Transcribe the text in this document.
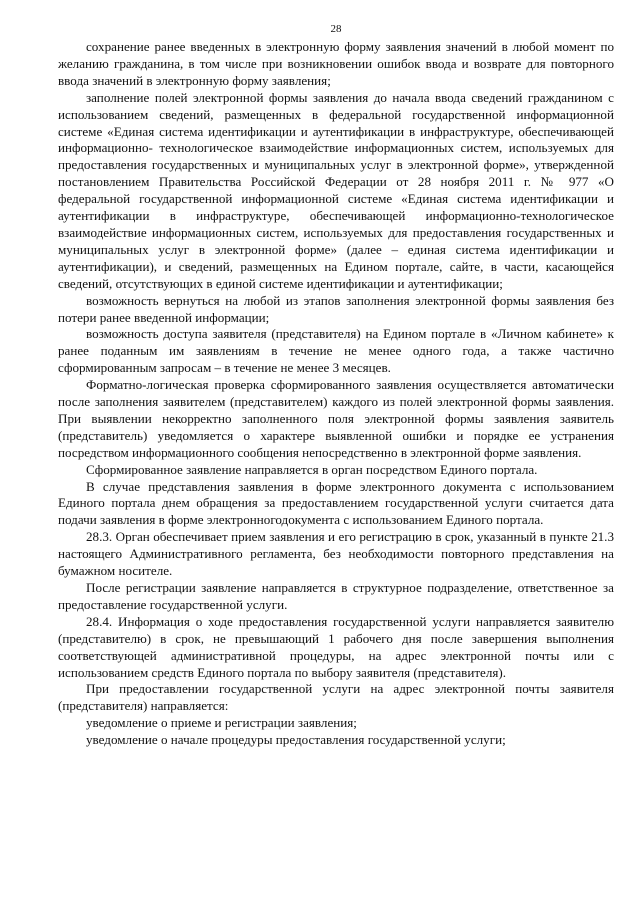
28

сохранение ранее введенных в электронную форму заявления значений в любой момент по желанию гражданина, в том числе при возникновении ошибок ввода и возврате для повторного ввода значений в электронную форму заявления;

заполнение полей электронной формы заявления до начала ввода сведений гражданином с использованием сведений, размещенных в федеральной государственной информационной системе «Единая система идентификации и аутентификации в инфраструктуре, обеспечивающей информационно- технологическое взаимодействие информационных систем, используемых для предоставления государственных и муниципальных услуг в электронной форме», утвержденной постановлением Правительства Российской Федерации от 28 ноября 2011 г. № 977 «О федеральной государственной информационной системе «Единая система идентификации и аутентификации в инфраструктуре, обеспечивающей информационно-технологическое взаимодействие информационных систем, используемых для предоставления государственных и муниципальных услуг в электронной форме» (далее – единая система идентификации и аутентификации), и сведений, размещенных на Едином портале, сайте, в части, касающейся сведений, отсутствующих в единой системе идентификации и аутентификации;

возможность вернуться на любой из этапов заполнения электронной формы заявления без потери ранее введенной информации;

возможность доступа заявителя (представителя) на Едином портале в «Личном кабинете» к ранее поданным им заявлениям в течение не менее одного года, а также частично сформированным запросам – в течение не менее 3 месяцев.

Форматно-логическая проверка сформированного заявления осуществляется автоматически после заполнения заявителем (представителем) каждого из полей электронной формы заявления. При выявлении некорректно заполненного поля электронной формы заявления заявитель (представитель) уведомляется о характере выявленной ошибки и порядке ее устранения посредством информационного сообщения непосредственно в электронной форме заявления.

Сформированное заявление направляется в орган посредством Единого портала.

В случае представления заявления в форме электронного документа с использованием Единого портала днем обращения за предоставлением государственной услуги считается дата подачи заявления в форме электронногодокумента с использованием Единого портала.

28.3. Орган обеспечивает прием заявления и его регистрацию в срок, указанный в пункте 21.3 настоящего Административного регламента, без необходимости повторного представления на бумажном носителе.

После регистрации заявление направляется в структурное подразделение, ответственное за предоставление государственной услуги.

28.4. Информация о ходе предоставления государственной услуги направляется заявителю (представителю) в срок, не превышающий 1 рабочего дня после завершения выполнения соответствующей административной процедуры, на адрес электронной почты или с использованием средств Единого портала по выбору заявителя (представителя).

При предоставлении государственной услуги на адрес электронной почты заявителя (представителя) направляется:

уведомление о приеме и регистрации заявления;

уведомление о начале процедуры предоставления государственной услуги;
